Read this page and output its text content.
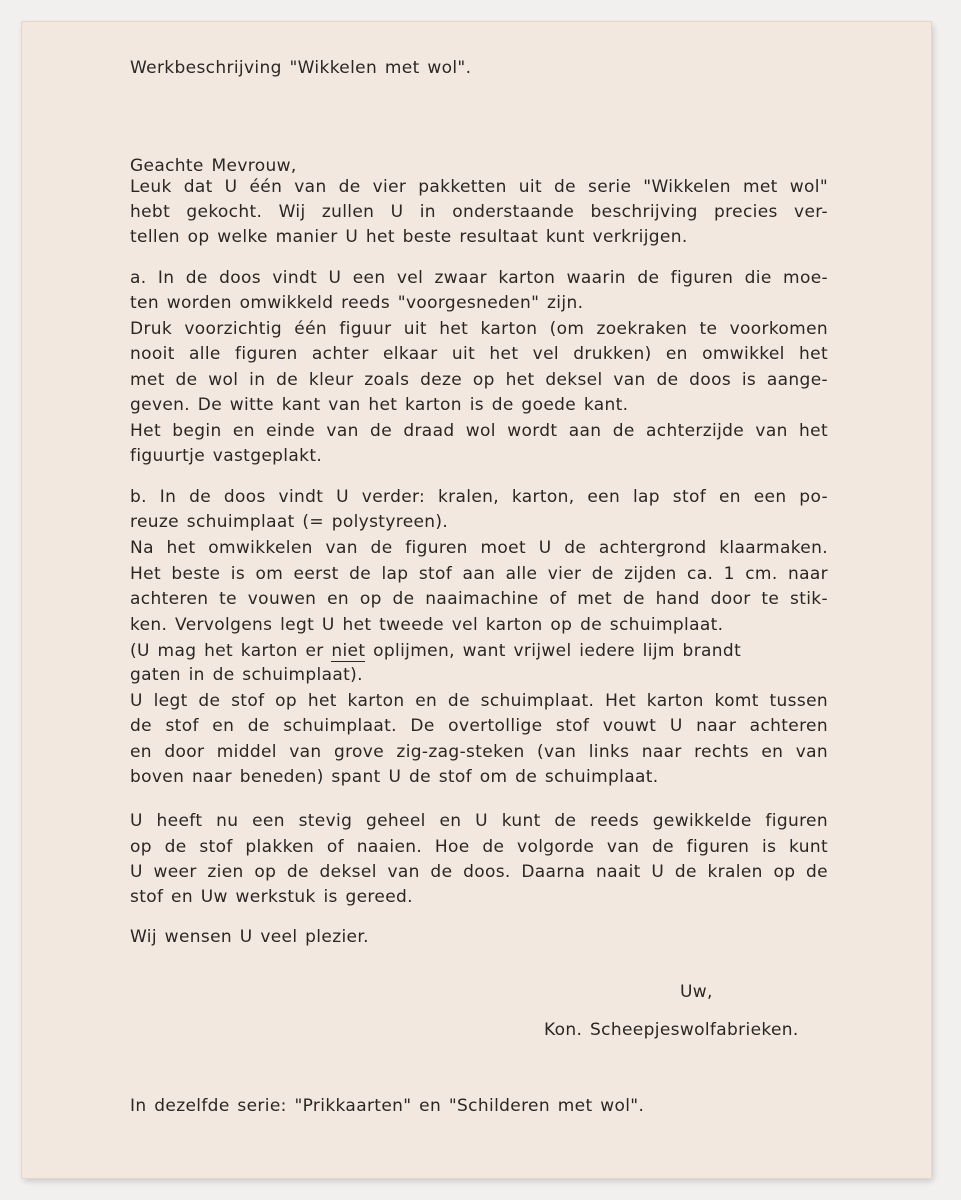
Werkbeschrijving "Wikkelen met wol".
Geachte Mevrouw,
Leuk dat U één van de vier pakketten uit de serie "Wikkelen met wol"
hebt gekocht. Wij zullen U in onderstaande beschrijving precies ver-
tellen op welke manier U het beste resultaat kunt verkrijgen.
a. In de doos vindt U een vel zwaar karton waarin de figuren die moe-
ten worden omwikkeld reeds "voorgesneden" zijn.
Druk voorzichtig één figuur uit het karton (om zoekraken te voorkomen
nooit alle figuren achter elkaar uit het vel drukken) en omwikkel het
met de wol in de kleur zoals deze op het deksel van de doos is aange-
geven. De witte kant van het karton is de goede kant.
Het begin en einde van de draad wol wordt aan de achterzijde van het
figuurtje vastgeplakt.
b. In de doos vindt U verder: kralen, karton, een lap stof en een po-
reuze schuimplaat (= polystyreen).
Na het omwikkelen van de figuren moet U de achtergrond klaarmaken.
Het beste is om eerst de lap stof aan alle vier de zijden ca. 1 cm. naar
achteren te vouwen en op de naaimachine of met de hand door te stik-
ken. Vervolgens legt U het tweede vel karton op de schuimplaat.
(U mag het karton er niet oplijmen, want vrijwel iedere lijm brandt
gaten in de schuimplaat).
U legt de stof op het karton en de schuimplaat. Het karton komt tussen
de stof en de schuimplaat. De overtollige stof vouwt U naar achteren
en door middel van grove zig-zag-steken (van links naar rechts en van
boven naar beneden) spant U de stof om de schuimplaat.
U heeft nu een stevig geheel en U kunt de reeds gewikkelde figuren
op de stof plakken of naaien. Hoe de volgorde van de figuren is kunt
U weer zien op de deksel van de doos. Daarna naait U de kralen op de
stof en Uw werkstuk is gereed.
Wij wensen U veel plezier.
Uw,
Kon. Scheepjeswolfabrieken.
In dezelfde serie: "Prikkaarten" en "Schilderen met wol".
